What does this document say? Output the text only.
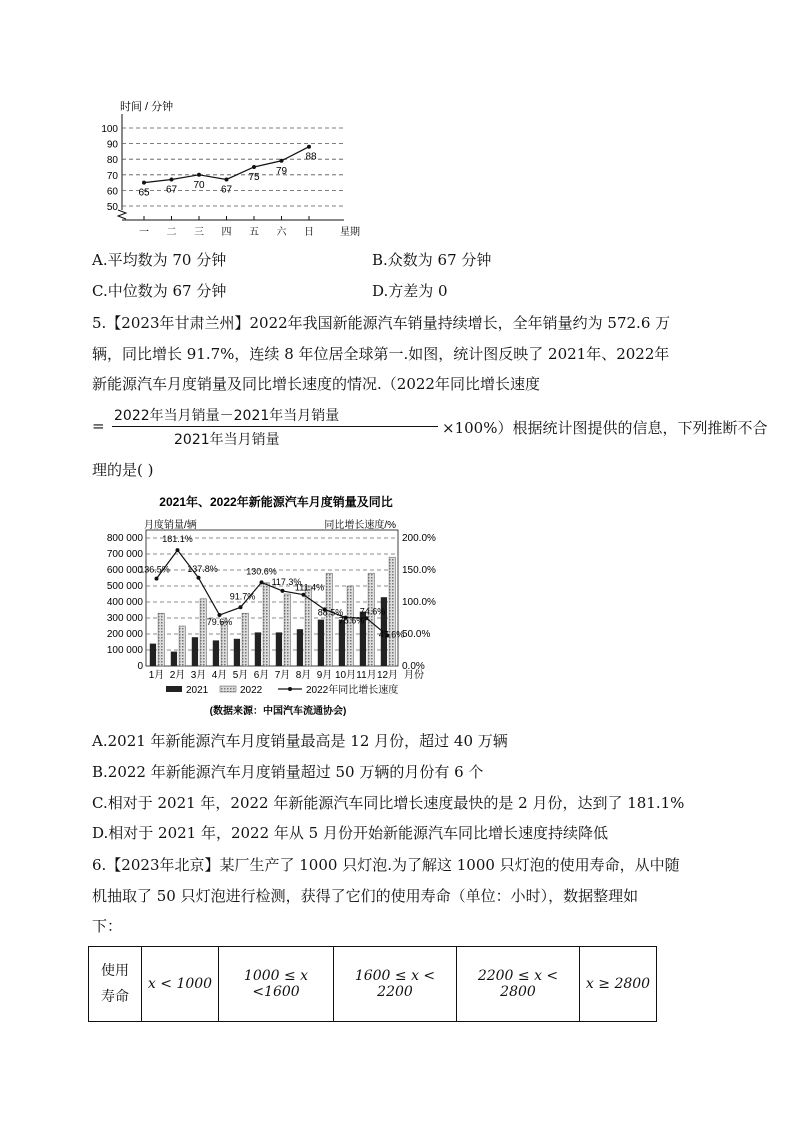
时间 / 分钟
100
90
80
70
60
50
一 二 三 四 五 六 日	星期
65 67 70 67
75
79
88
A.平均数为 70 分钟	B.众数为 67 分钟
C.中位数为 67 分钟	D.方差为 0
5.【2023年甘肃兰州】2022年我国新能源汽车销量持续增长，全年销量约为 572.6 万
辆，同比增长 91.7%，连续 8 年位居全球第一.如图，统计图反映了 2021年、2022年
新能源汽车月度销量及同比增长速度的情况.（2022年同比增长速度
=
2022年当月销量－2021年当月销量
2021年当月销量
×100%）根据统计图提供的信息，下列推断不合
理的是( )
2021年、2022年新能源汽车月度销量及同比
月度销量/辆	同比增长速度/%
800 000
700 000
600 000
500 000
400 000
300 000
200 000
100 000
0
200.0%
150.0%
100.0%
50.0%
0.0%
1月 2月 3月 4月 5月 6月 7月 8月 9月 10月 11月 12月 月份
136.5%
181.1%
137.8%
79.6%
91.7%
130.6%
117.3%
111.4%
88.5%
75.6%
74.6%
47.6%
2021	2022	2022年同比增长速度
(数据来源：中国汽车流通协会)
A.2021 年新能源汽车月度销量最高是 12 月份，超过 40 万辆
B.2022 年新能源汽车月度销量超过 50 万辆的月份有 6 个
C.相对于 2021 年，2022 年新能源汽车同比增长速度最快的是 2 月份，达到了 181.1%
D.相对于 2021 年，2022 年从 5 月份开始新能源汽车同比增长速度持续降低
6.【2023年北京】某厂生产了 1000 只灯泡.为了解这 1000 只灯泡的使用寿命，从中随
机抽取了 50 只灯泡进行检测，获得了它们的使用寿命（单位：小时），数据整理如
下：
使用
寿命
	x < 1000	1000 ≤ x <1600	1600 ≤ x < 2200	2200 ≤ x < 2800	x ≥ 2800
